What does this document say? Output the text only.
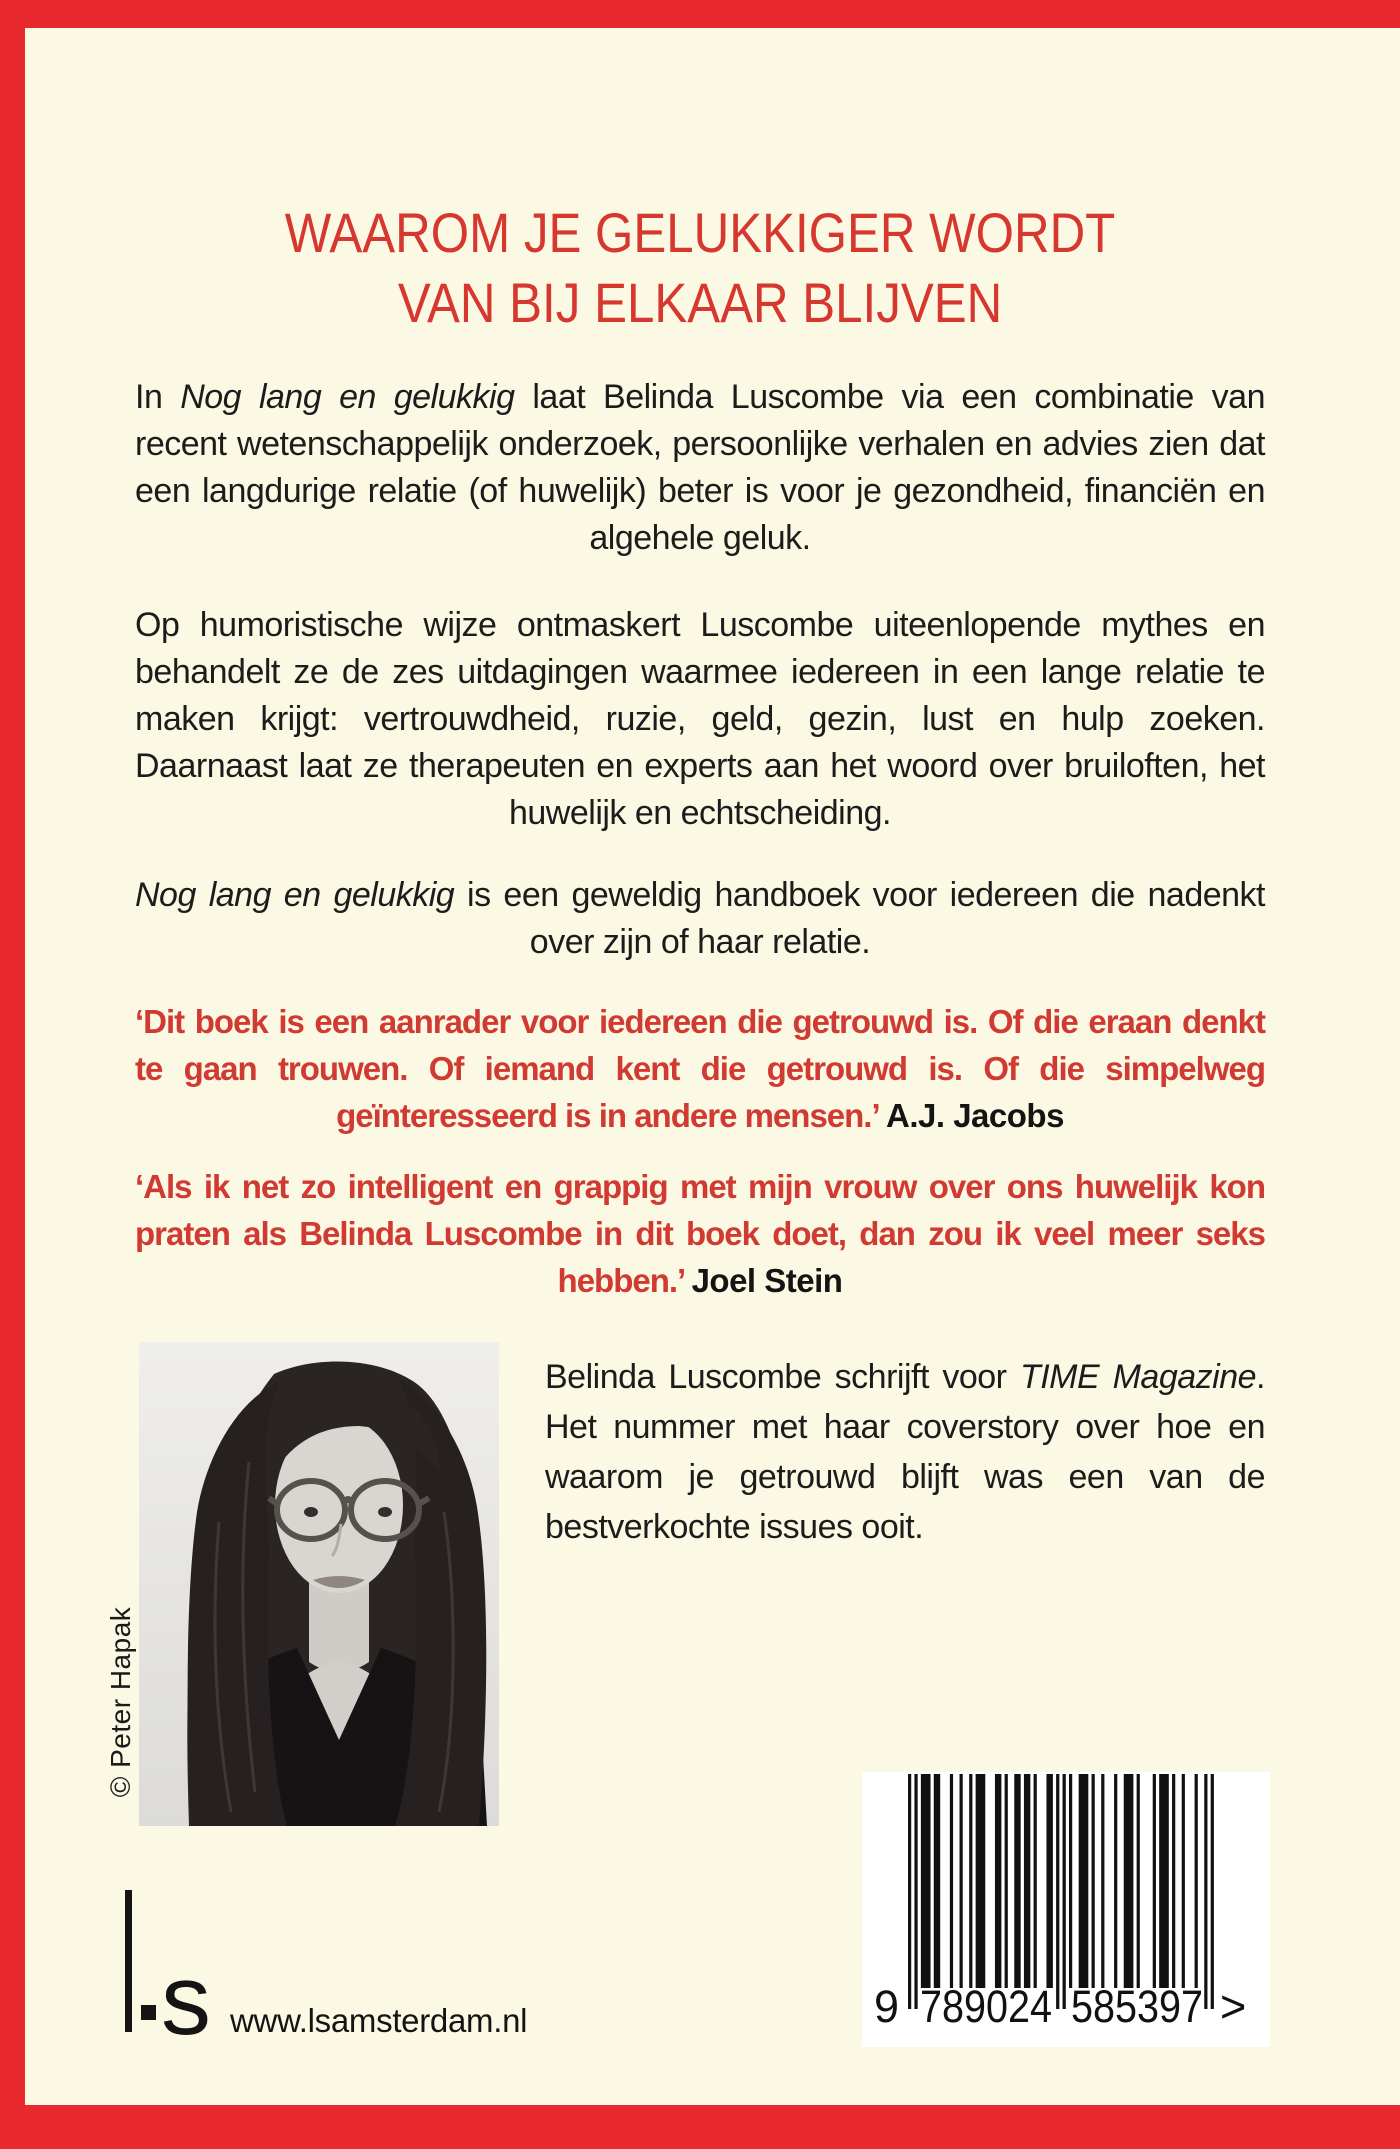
WAAROM JE GELUKKIGER WORDT
VAN BIJ ELKAAR BLIJVEN

In Nog lang en gelukkig laat Belinda Luscombe via een combinatie van recent wetenschappelijk onderzoek, persoonlijke verhalen en advies zien dat een langdurige relatie (of huwelijk) beter is voor je gezondheid, financiën en algehele geluk.

Op humoristische wijze ontmaskert Luscombe uiteenlopende mythes en behandelt ze de zes uitdagingen waarmee iedereen in een lange relatie te maken krijgt: vertrouwdheid, ruzie, geld, gezin, lust en hulp zoeken. Daarnaast laat ze therapeuten en experts aan het woord over bruiloften, het huwelijk en echtscheiding.

Nog lang en gelukkig is een geweldig handboek voor iedereen die nadenkt over zijn of haar relatie.

‘Dit boek is een aanrader voor iedereen die getrouwd is. Of die eraan denkt te gaan trouwen. Of iemand kent die getrouwd is. Of die simpelweg geïnteresseerd is in andere mensen.’ A.J. Jacobs

‘Als ik net zo intelligent en grappig met mijn vrouw over ons huwelijk kon praten als Belinda Luscombe in dit boek doet, dan zou ik veel meer seks hebben.’ Joel Stein

© Peter Hapak

Belinda Luscombe schrijft voor TIME Magazine. Het nummer met haar coverstory over hoe en waarom je getrouwd blijft was een van de bestverkochte issues ooit.

s www.lsamsterdam.nl	9 789024 585397 >
